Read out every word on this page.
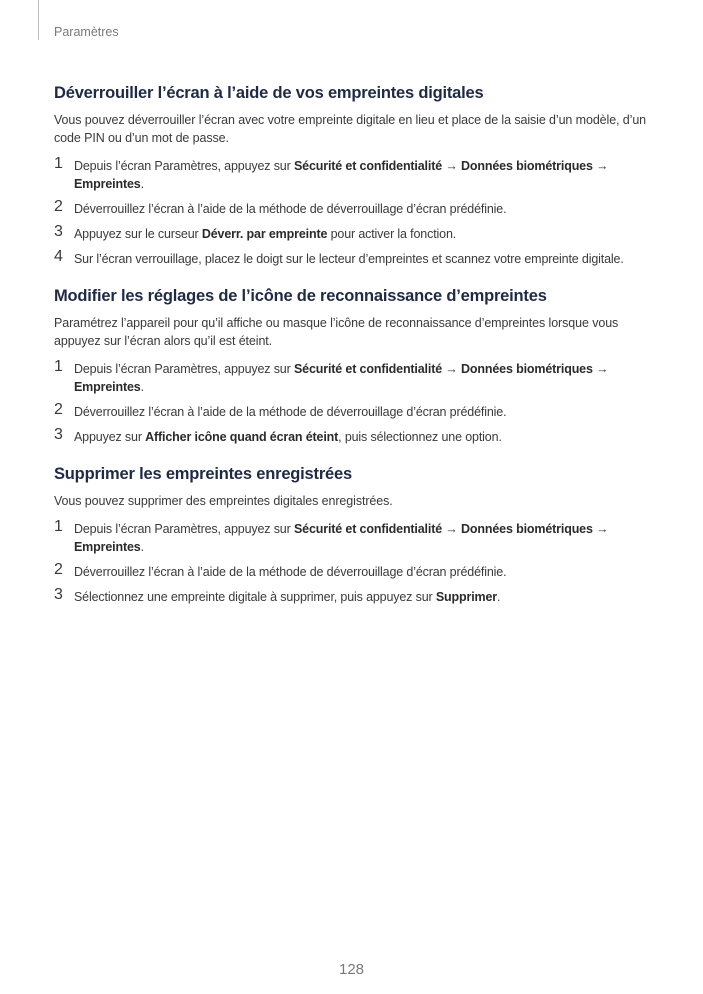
Paramètres
Déverrouiller l’écran à l’aide de vos empreintes digitales

Vous pouvez déverrouiller l’écran avec votre empreinte digitale en lieu et place de la saisie d’un modèle, d’un code PIN ou d’un mot de passe.

1 Depuis l’écran Paramètres, appuyez sur Sécurité et confidentialité → Données biométriques →
Empreintes.
2 Déverrouillez l’écran à l’aide de la méthode de déverrouillage d’écran prédéfinie.
3 Appuyez sur le curseur Déverr. par empreinte pour activer la fonction.
4 Sur l’écran verrouillage, placez le doigt sur le lecteur d’empreintes et scannez votre empreinte digitale.
Modifier les réglages de l’icône de reconnaissance d’empreintes

Paramétrez l’appareil pour qu’il affiche ou masque l’icône de reconnaissance d’empreintes lorsque vous appuyez sur l’écran alors qu’il est éteint.

1 Depuis l’écran Paramètres, appuyez sur Sécurité et confidentialité → Données biométriques →
Empreintes.
2 Déverrouillez l’écran à l’aide de la méthode de déverrouillage d’écran prédéfinie.
3 Appuyez sur Afficher icône quand écran éteint, puis sélectionnez une option.
Supprimer les empreintes enregistrées

Vous pouvez supprimer des empreintes digitales enregistrées.

1 Depuis l’écran Paramètres, appuyez sur Sécurité et confidentialité → Données biométriques →
Empreintes.
2 Déverrouillez l’écran à l’aide de la méthode de déverrouillage d’écran prédéfinie.
3 Sélectionnez une empreinte digitale à supprimer, puis appuyez sur Supprimer.
128
